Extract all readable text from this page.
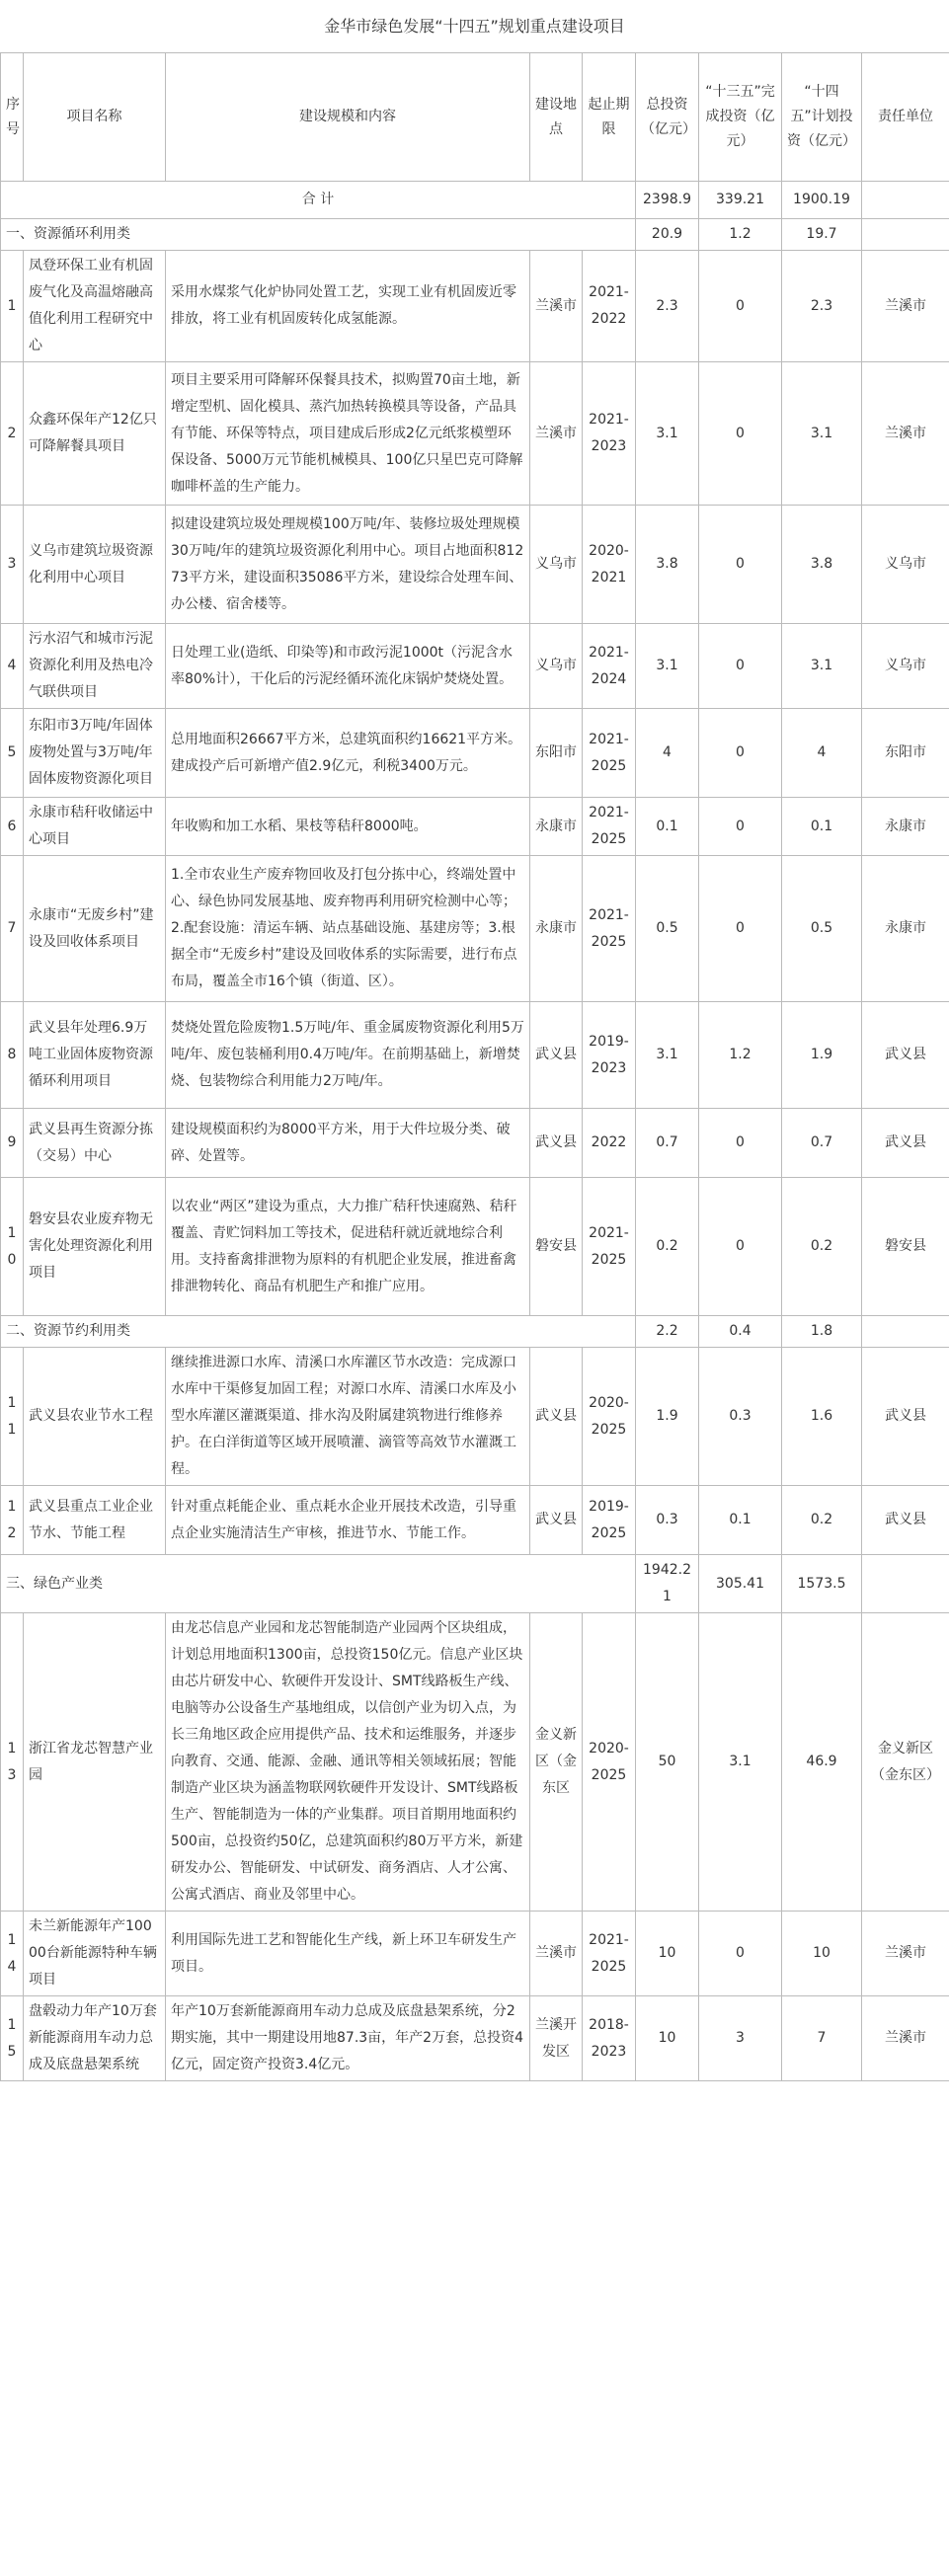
金华市绿色发展“十四五”规划重点建设项目
序号	项目名称	建设规模和内容	建设地点	起止期限	总投资（亿元）	“十三五”完成投资（亿元）	“十四五”计划投资（亿元）	责任单位
合 计					2398.9	339.21	1900.19	
一、资源循环利用类					20.9	1.2	19.7	
1	凤登环保工业有机固废气化及高温熔融高值化利用工程研究中心	采用水煤浆气化炉协同处置工艺，实现工业有机固废近零排放，将工业有机固废转化成氢能源。	兰溪市	2021-2022	2.3	0	2.3	兰溪市
2	众鑫环保年产12亿只可降解餐具项目	项目主要采用可降解环保餐具技术，拟购置70亩土地，新增定型机、固化模具、蒸汽加热转换模具等设备，产品具有节能、环保等特点，项目建成后形成2亿元纸浆模塑环保设备、5000万元节能机械模具、100亿只星巴克可降解咖啡杯盖的生产能力。	兰溪市	2021-2023	3.1	0	3.1	兰溪市
3	义乌市建筑垃圾资源化利用中心项目	拟建设建筑垃圾处理规模100万吨/年、装修垃圾处理规模30万吨/年的建筑垃圾资源化利用中心。项目占地面积81273平方米，建设面积35086平方米，建设综合处理车间、办公楼、宿舍楼等。	义乌市	2020-2021	3.8	0	3.8	义乌市
4	污水沼气和城市污泥资源化利用及热电冷气联供项目	日处理工业(造纸、印染等)和市政污泥1000t（污泥含水率80%计），干化后的污泥经循环流化床锅炉焚烧处置。	义乌市	2021-2024	3.1	0	3.1	义乌市
5	东阳市3万吨/年固体废物处置与3万吨/年固体废物资源化项目	总用地面积26667平方米，总建筑面积约16621平方米。建成投产后可新增产值2.9亿元，利税3400万元。	东阳市	2021-2025	4	0	4	东阳市
6	永康市秸秆收储运中心项目	年收购和加工水稻、果枝等秸秆8000吨。	永康市	2021-2025	0.1	0	0.1	永康市
7	永康市“无废乡村”建设及回收体系项目	1.全市农业生产废弃物回收及打包分拣中心，终端处置中心、绿色协同发展基地、废弃物再利用研究检测中心等；2.配套设施：清运车辆、站点基础设施、基建房等；3.根据全市“无废乡村”建设及回收体系的实际需要，进行布点布局，覆盖全市16个镇（街道、区）。	永康市	2021-2025	0.5	0	0.5	永康市
8	武义县年处理6.9万吨工业固体废物资源循环利用项目	焚烧处置危险废物1.5万吨/年、重金属废物资源化利用5万吨/年、废包装桶利用0.4万吨/年。在前期基础上，新增焚烧、包装物综合利用能力2万吨/年。	武义县	2019-2023	3.1	1.2	1.9	武义县
9	武义县再生资源分拣（交易）中心	建设规模面积约为8000平方米，用于大件垃圾分类、破碎、处置等。	武义县	2022	0.7	0	0.7	武义县
10	磐安县农业废弃物无害化处理资源化利用项目	以农业“两区”建设为重点，大力推广秸秆快速腐熟、秸秆覆盖、青贮饲料加工等技术，促进秸秆就近就地综合利用。支持畜禽排泄物为原料的有机肥企业发展，推进畜禽排泄物转化、商品有机肥生产和推广应用。	磐安县	2021-2025	0.2	0	0.2	磐安县
二、资源节约利用类					2.2	0.4	1.8	
11	武义县农业节水工程	继续推进源口水库、清溪口水库灌区节水改造：完成源口水库中干渠修复加固工程；对源口水库、清溪口水库及小型水库灌区灌溉渠道、排水沟及附属建筑物进行维修养护。在白洋街道等区域开展喷灌、滴管等高效节水灌溉工程。	武义县	2020-2025	1.9	0.3	1.6	武义县
12	武义县重点工业企业节水、节能工程	针对重点耗能企业、重点耗水企业开展技术改造，引导重点企业实施清洁生产审核，推进节水、节能工作。	武义县	2019-2025	0.3	0.1	0.2	武义县
三、绿色产业类					1942.21	305.41	1573.5	
13	浙江省龙芯智慧产业园	由龙芯信息产业园和龙芯智能制造产业园两个区块组成，计划总用地面积1300亩，总投资150亿元。信息产业区块由芯片研发中心、软硬件开发设计、SMT线路板生产线、电脑等办公设备生产基地组成，以信创产业为切入点，为长三角地区政企应用提供产品、技术和运维服务，并逐步向教育、交通、能源、金融、通讯等相关领域拓展；智能制造产业区块为涵盖物联网软硬件开发设计、SMT线路板生产、智能制造为一体的产业集群。项目首期用地面积约500亩，总投资约50亿，总建筑面积约80万平方米，新建研发办公、智能研发、中试研发、商务酒店、人才公寓、公寓式酒店、商业及邻里中心。	金义新区（金东区	2020-2025	50	3.1	46.9	金义新区（金东区）
14	未兰新能源年产10000台新能源特种车辆项目	利用国际先进工艺和智能化生产线，新上环卫车研发生产项目。	兰溪市	2021-2025	10	0	10	兰溪市
15	盘毂动力年产10万套新能源商用车动力总成及底盘悬架系统	年产10万套新能源商用车动力总成及底盘悬架系统，分2期实施，其中一期建设用地87.3亩，年产2万套，总投资4亿元，固定资产投资3.4亿元。	兰溪开发区	2018-2023	10	3	7	兰溪市
